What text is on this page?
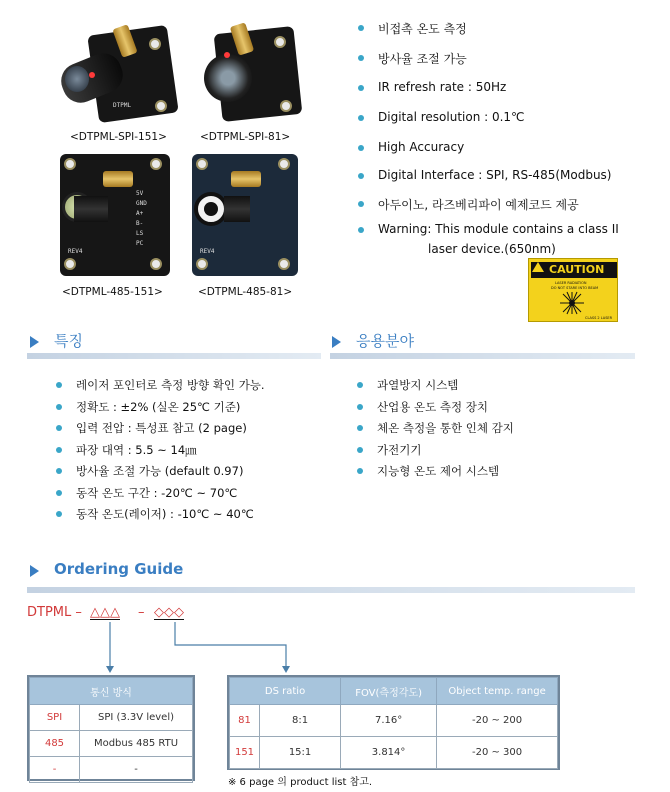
DTPML
<DTPML-SPI-151>	<DTPML-SPI-81>
5V
GND
A+
B-
LS
PC
REV4
<DTPML-485-151>
REV4
<DTPML-485-81>
비접촉 온도 측정
방사율 조절 가능
IR refresh rate : 50Hz
Digital resolution : 0.1℃
High Accuracy
Digital Interface : SPI, RS-485(Modbus)
아두이노, 라즈베리파이 예제코드 제공
Warning: This module contains a class II
laser device.(650nm)
CAUTION
LASER RADIATION
DO NOT STARE INTO BEAM
CLASS 2 LASER
특징	응용분야
레이저 포인터로 측정 방향 확인 가능.
정확도 : ±2% (실온 25℃ 기준)
입력 전압 : 특성표 참고 (2 page)
파장 대역 : 5.5 ~ 14㎛
방사율 조절 가능 (default 0.97)
동작 온도 구간 : -20℃ ~ 70℃
동작 온도(레이저) : -10℃ ~ 40℃
과열방지 시스템
산업용 온도 측정 장치
체온 측정을 통한 인체 감지
가전기기
지능형 온도 제어 시스템
Ordering Guide
DTPML – △△△ – ◇◇◇
통신 방식	
SPI	SPI (3.3V level)
485	Modbus 485 RTU
-	-
DS ratio		FOV(측정각도)	Object temp. range
81	8:1	7.16°	-20 ~ 200
151	15:1	3.814°	-20 ~ 300
※ 6 page 의 product list 참고.
